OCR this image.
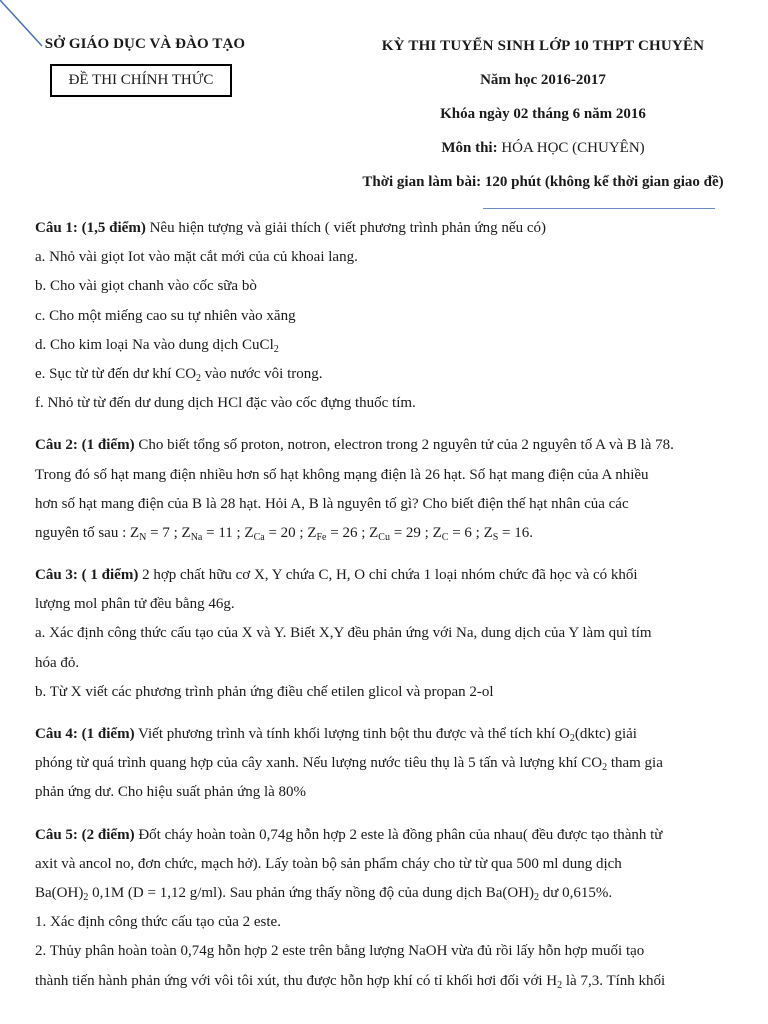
SỞ GIÁO DỤC VÀ ĐÀO TẠO
ĐỀ THI CHÍNH THỨC
KỲ THI TUYỂN SINH LỚP 10 THPT CHUYÊN
Năm học 2016-2017
Khóa ngày 02 tháng 6 năm 2016
Môn thi: HÓA HỌC (CHUYÊN)
Thời gian làm bài: 120 phút (không kể thời gian giao đề)
Câu 1: (1,5 điểm) Nêu hiện tượng và giải thích ( viết phương trình phản ứng nếu có)
a. Nhỏ vài giọt Iot vào mặt cắt mới của củ khoai lang.
b. Cho vài giọt chanh vào cốc sữa bò
c. Cho một miếng cao su tự nhiên vào xăng
d. Cho kim loại Na vào dung dịch CuCl$_2$
e. Sục từ từ đến dư khí $CO_2$ vào nước vôi trong.
f. Nhỏ từ từ đến dư dung dịch HCl đặc vào cốc đựng thuốc tím.
Câu 2: (1 điểm) Cho biết tổng số proton, notron, electron trong 2 nguyên tử của 2 nguyên tố A và B là 78.
Trong đó số hạt mang điện nhiều hơn số hạt không mạng điện là 26 hạt. Số hạt mang điện của A nhiều
hơn số hạt mang điện của B là 28 hạt. Hỏi A, B là nguyên tố gì? Cho biết điện thế hạt nhân của các
nguyên tố sau : $Z_N = 7$ ; $Z_{Na} = 11$ ; $Z_{Ca} = 20$ ; $Z_{Fe} = 26$ ; $Z_{Cu} = 29$ ; $Z_C = 6$ ; $Z_S = 16$.
Câu 3: ( 1 điểm) 2 hợp chất hữu cơ X, Y chứa C, H, O chỉ chứa 1 loại nhóm chức đã học và có khối
lượng mol phân tử đều bằng 46g.
a. Xác định công thức cấu tạo của X và Y. Biết X,Y đều phản ứng với Na, dung dịch của Y làm quì tím
hóa đỏ.
b. Từ X viết các phương trình phản ứng điều chế etilen glicol và propan 2-ol
Câu 4: (1 điểm) Viết phương trình và tính khối lượng tinh bột thu được và thể tích khí $O_2(dktc)$ giải
phóng từ quá trình quang hợp của cây xanh. Nếu lượng nước tiêu thụ là 5 tấn và lượng khí $CO_2$ tham gia
phản ứng dư. Cho hiệu suất phản ứng là 80%
Câu 5: (2 điểm) Đốt cháy hoàn toàn 0,74g hỗn hợp 2 este là đồng phân của nhau( đều được tạo thành từ
axit và ancol no, đơn chức, mạch hở). Lấy toàn bộ sản phẩm cháy cho từ từ qua 500 ml dung dịch
$Ba(OH)_2$ 0,1M (D = 1,12 g/ml). Sau phản ứng thấy nồng độ của dung dịch $Ba(OH)_2$ dư 0,615%.
1. Xác định công thức cấu tạo của 2 este.
2. Thủy phân hoàn toàn 0,74g hỗn hợp 2 este trên bằng lượng NaOH vừa đủ rồi lấy hỗn hợp muối tạo
thành tiến hành phản ứng với vôi tôi xút, thu được hỗn hợp khí có tỉ khối hơi đối với $H_2$ là 7,3. Tính khối
